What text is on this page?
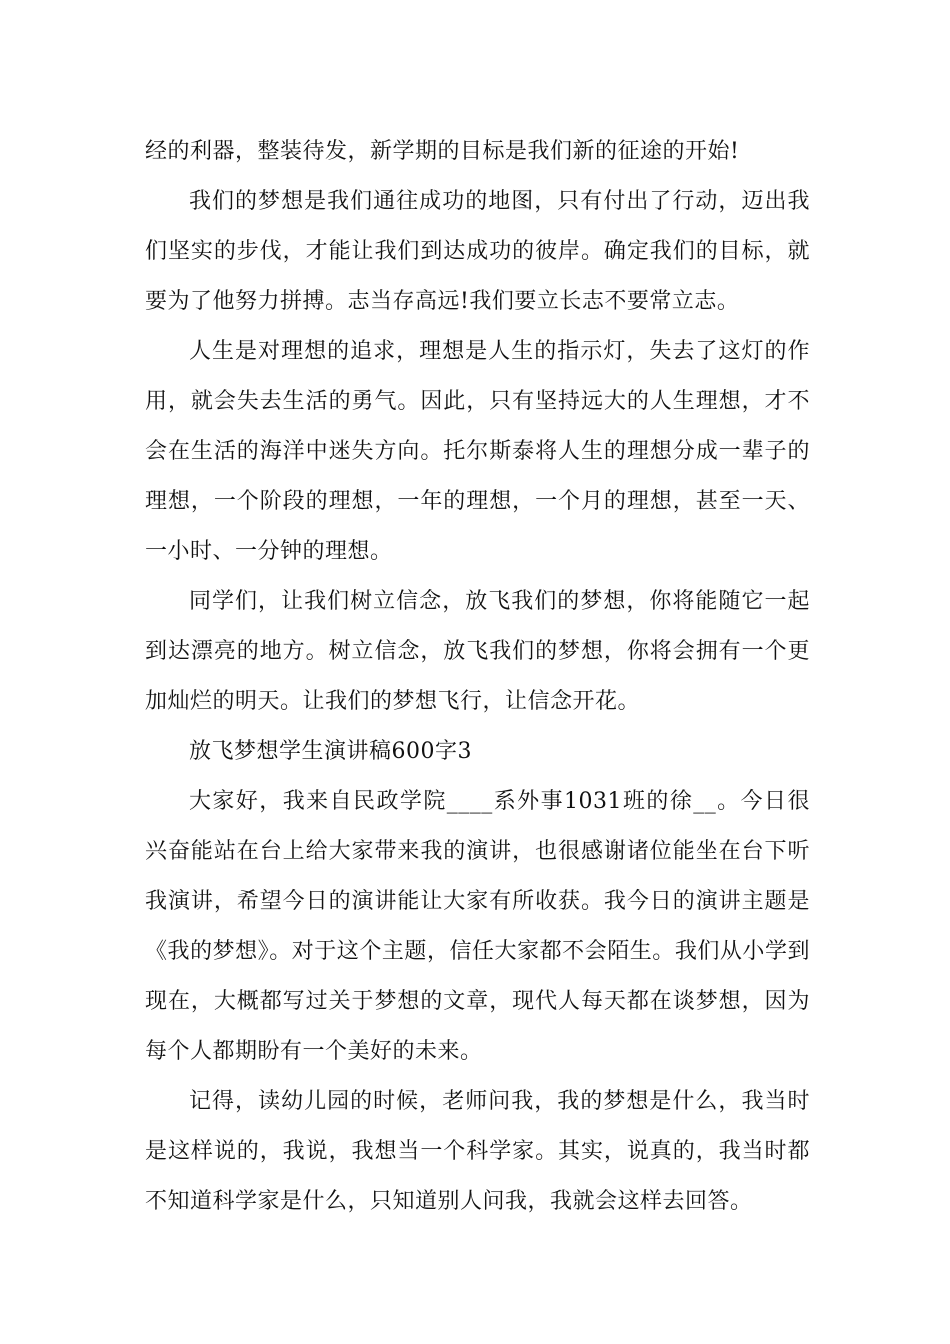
经的利器，整装待发，新学期的目标是我们新的征途的开始!

我们的梦想是我们通往成功的地图，只有付出了行动，迈出我们坚实的步伐，才能让我们到达成功的彼岸。确定我们的目标，就要为了他努力拼搏。志当存高远!我们要立长志不要常立志。

人生是对理想的追求，理想是人生的指示灯，失去了这灯的作用，就会失去生活的勇气。因此，只有坚持远大的人生理想，才不会在生活的海洋中迷失方向。托尔斯泰将人生的理想分成一辈子的理想，一个阶段的理想，一年的理想，一个月的理想，甚至一天、一小时、一分钟的理想。

同学们，让我们树立信念，放飞我们的梦想，你将能随它一起到达漂亮的地方。树立信念，放飞我们的梦想，你将会拥有一个更加灿烂的明天。让我们的梦想飞行，让信念开花。

放飞梦想学生演讲稿600字3

大家好，我来自民政学院____系外事1031班的徐__。今日很兴奋能站在台上给大家带来我的演讲，也很感谢诸位能坐在台下听我演讲，希望今日的演讲能让大家有所收获。我今日的演讲主题是《我的梦想》。对于这个主题，信任大家都不会陌生。我们从小学到现在，大概都写过关于梦想的文章，现代人每天都在谈梦想，因为每个人都期盼有一个美好的未来。

记得，读幼儿园的时候，老师问我，我的梦想是什么，我当时是这样说的，我说，我想当一个科学家。其实，说真的，我当时都不知道科学家是什么，只知道别人问我，我就会这样去回答。
